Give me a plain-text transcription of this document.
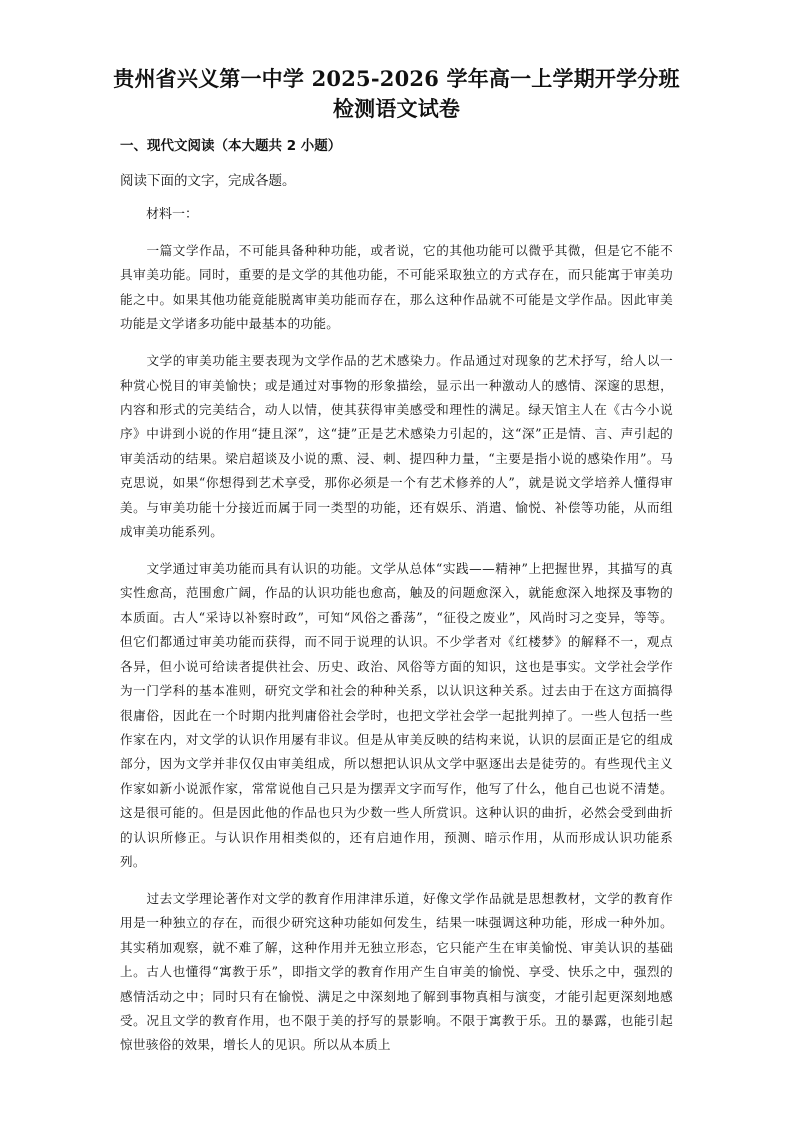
贵州省兴义第一中学 2025-2026 学年高一上学期开学分班
检测语文试卷
一、现代文阅读（本大题共 2 小题）
阅读下面的文字，完成各题。
材料一：

一篇文学作品，不可能具备种种功能，或者说，它的其他功能可以微乎其微，但是它不能不具审美功能。同时，重要的是文学的其他功能，不可能采取独立的方式存在，而只能寓于审美功能之中。如果其他功能竟能脱离审美功能而存在，那么这种作品就不可能是文学作品。因此审美功能是文学诸多功能中最基本的功能。

文学的审美功能主要表现为文学作品的艺术感染力。作品通过对现象的艺术抒写，给人以一种赏心悦目的审美愉快；或是通过对事物的形象描绘，显示出一种激动人的感情、深邃的思想，内容和形式的完美结合，动人以情，使其获得审美感受和理性的满足。绿天馆主人在《古今小说序》中讲到小说的作用“捷且深”，这“捷”正是艺术感染力引起的，这“深”正是情、言、声引起的审美活动的结果。梁启超谈及小说的熏、浸、刺、提四种力量，“主要是指小说的感染作用”。马克思说，如果“你想得到艺术享受，那你必须是一个有艺术修养的人”，就是说文学培养人懂得审美。与审美功能十分接近而属于同一类型的功能，还有娱乐、消遣、愉悦、补偿等功能，从而组成审美功能系列。

文学通过审美功能而具有认识的功能。文学从总体“实践——精神”上把握世界，其描写的真实性愈高，范围愈广阔，作品的认识功能也愈高，触及的问题愈深入，就能愈深入地探及事物的本质面。古人“采诗以补察时政”，可知“风俗之番荡”，“征役之废业”，风尚时习之变异，等等。但它们都通过审美功能而获得，而不同于说理的认识。不少学者对《红楼梦》的解释不一，观点各异，但小说可给读者提供社会、历史、政治、风俗等方面的知识，这也是事实。文学社会学作为一门学科的基本准则，研究文学和社会的种种关系，以认识这种关系。过去由于在这方面搞得很庸俗，因此在一个时期内批判庸俗社会学时，也把文学社会学一起批判掉了。一些人包括一些作家在内，对文学的认识作用屡有非议。但是从审美反映的结构来说，认识的层面正是它的组成部分，因为文学并非仅仅由审美组成，所以想把认识从文学中驱逐出去是徒劳的。有些现代主义作家如新小说派作家，常常说他自己只是为摆弄文字而写作，他写了什么，他自己也说不清楚。这是很可能的。但是因此他的作品也只为少数一些人所赏识。这种认识的曲折，必然会受到曲折的认识所修正。与认识作用相类似的，还有启迪作用，预测、暗示作用，从而形成认识功能系列。

过去文学理论著作对文学的教育作用津津乐道，好像文学作品就是思想教材，文学的教育作用是一种独立的存在，而很少研究这种功能如何发生，结果一味强调这种功能，形成一种外加。其实稍加观察，就不难了解，这种作用并无独立形态，它只能产生在审美愉悦、审美认识的基础上。古人也懂得“寓教于乐”，即指文学的教育作用产生自审美的愉悦、享受、快乐之中，强烈的感情活动之中；同时只有在愉悦、满足之中深刻地了解到事物真相与演变，才能引起更深刻地感受。况且文学的教育作用，也不限于美的抒写的景影响。不限于寓教于乐。丑的暴露，也能引起惊世骇俗的效果，增长人的见识。所以从本质上
